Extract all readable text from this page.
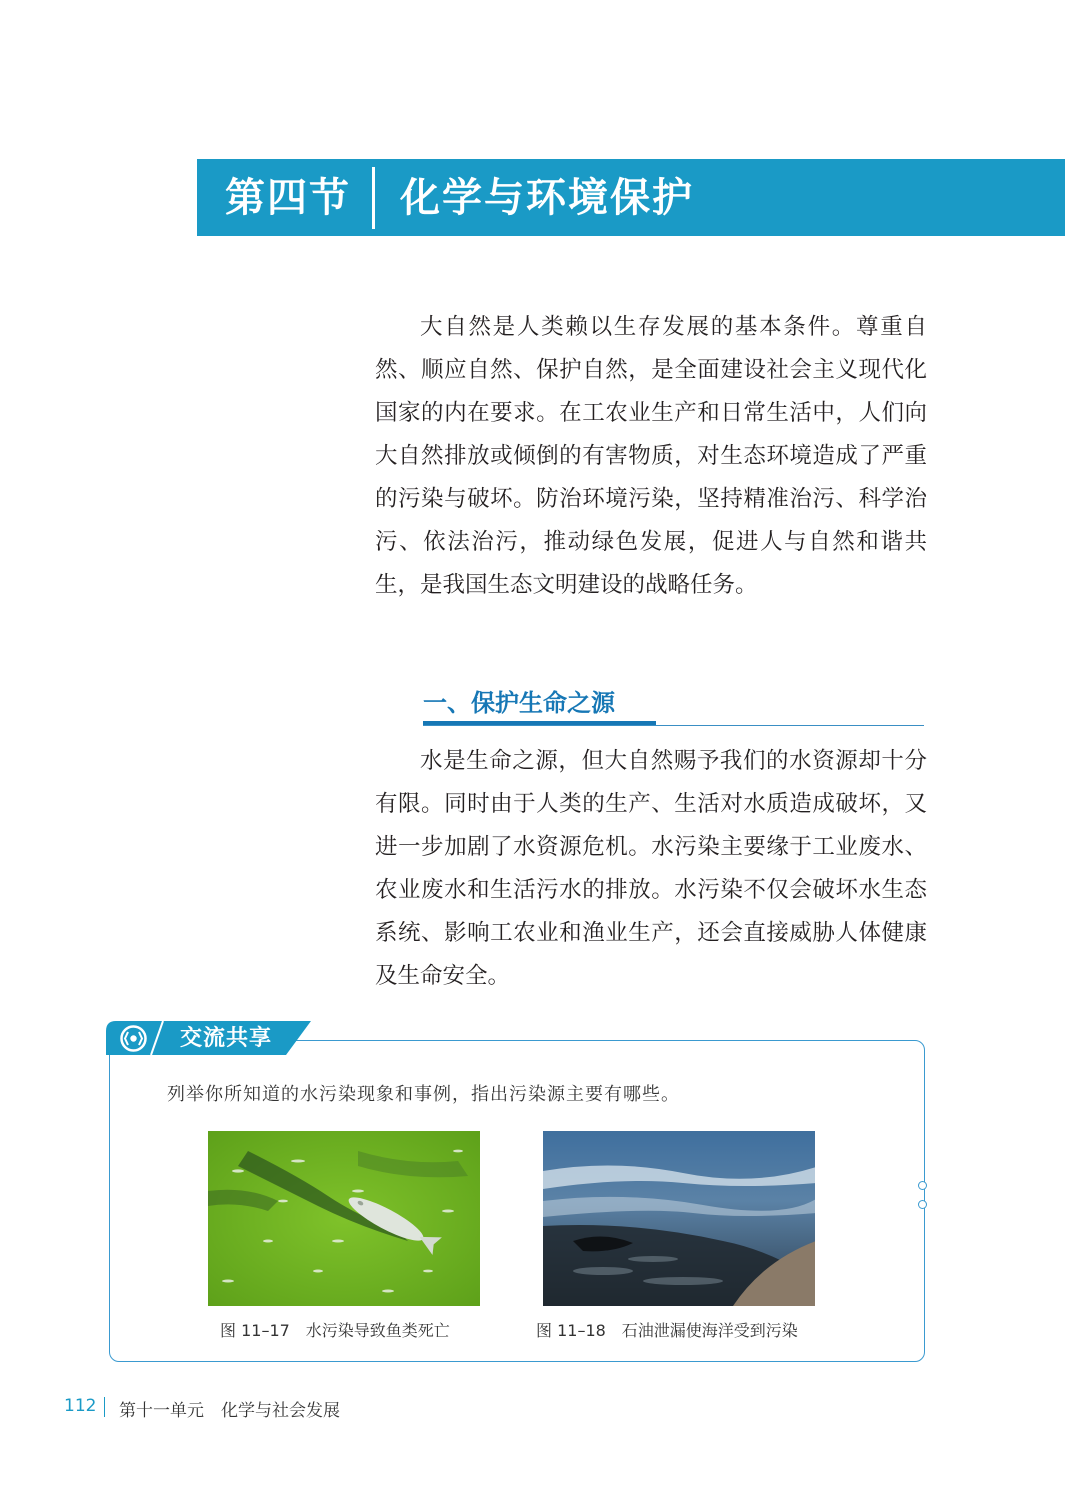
第四节 化学与环境保护

大自然是人类赖以生存发展的基本条件。尊重自然、顺应自然、保护自然，是全面建设社会主义现代化国家的内在要求。在工农业生产和日常生活中，人们向大自然排放或倾倒的有害物质，对生态环境造成了严重的污染与破坏。防治环境污染，坚持精准治污、科学治污、依法治污，推动绿色发展，促进人与自然和谐共生，是我国生态文明建设的战略任务。

一、保护生命之源

水是生命之源，但大自然赐予我们的水资源却十分有限。同时由于人类的生产、生活对水质造成破坏，又进一步加剧了水资源危机。水污染主要缘于工业废水、农业废水和生活污水的排放。水污染不仅会破坏水生态系统、影响工农业和渔业生产，还会直接威胁人体健康及生命安全。

交流共享
列举你所知道的水污染现象和事例，指出污染源主要有哪些。
图 11–17　水污染导致鱼类死亡	图 11–18　石油泄漏使海洋受到污染
112 第十一单元　化学与社会发展
